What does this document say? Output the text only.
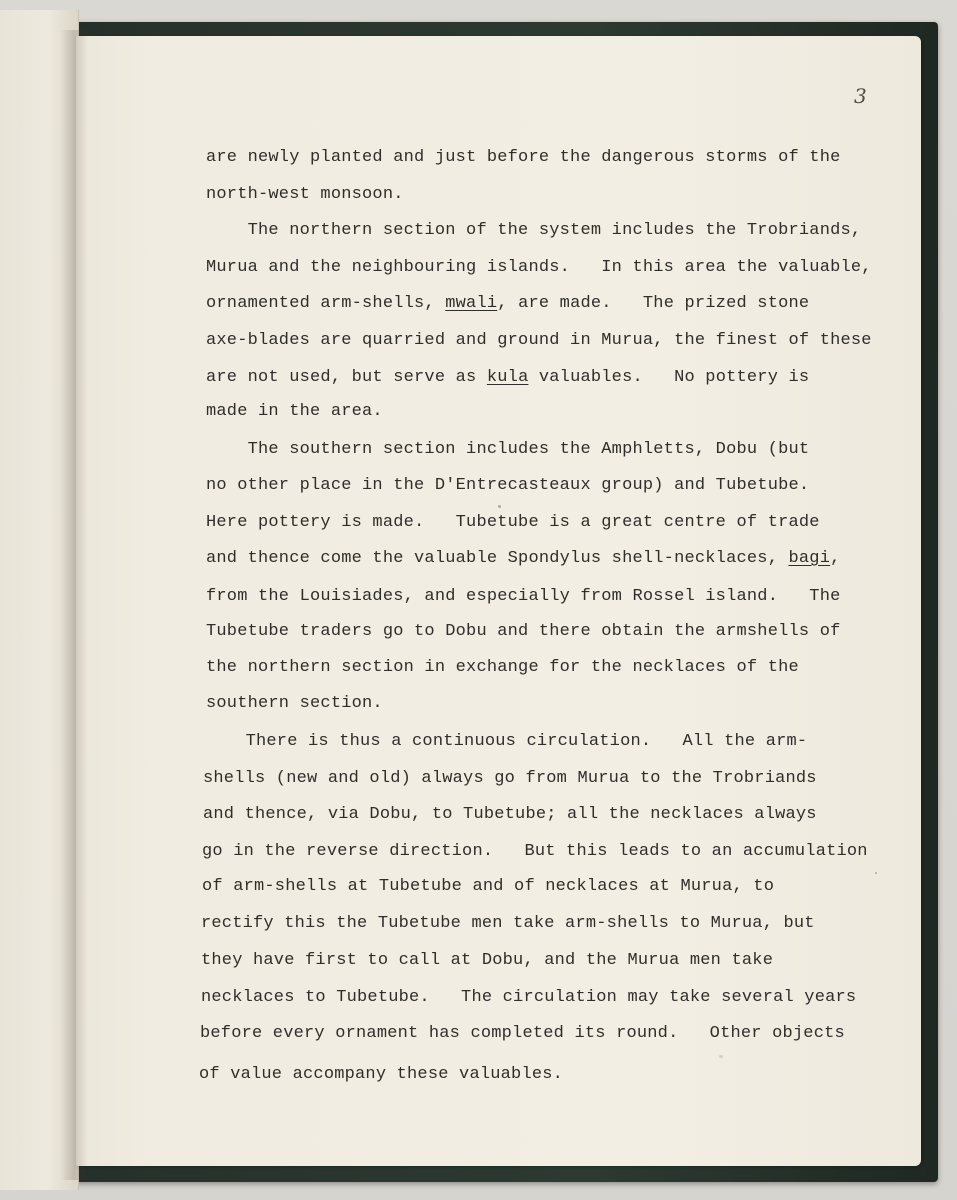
3
are newly planted and just before the dangerous storms of the
north-west monsoon.
The northern section of the system includes the Trobriands,
Murua and the neighbouring islands.   In this area the valuable,
ornamented arm-shells, mwali, are made.   The prized stone
axe-blades are quarried and ground in Murua, the finest of these
are not used, but serve as kula valuables.   No pottery is
made in the area.
The southern section includes the Amphletts, Dobu (but
no other place in the D'Entrecasteaux group) and Tubetube.
Here pottery is made.   Tubetube is a great centre of trade
and thence come the valuable Spondylus shell-necklaces, bagi,
from the Louisiades, and especially from Rossel island.   The
Tubetube traders go to Dobu and there obtain the armshells of
the northern section in exchange for the necklaces of the
southern section.
There is thus a continuous circulation.   All the arm-
shells (new and old) always go from Murua to the Trobriands
and thence, via Dobu, to Tubetube; all the necklaces always
go in the reverse direction.   But this leads to an accumulation
of arm-shells at Tubetube and of necklaces at Murua, to
rectify this the Tubetube men take arm-shells to Murua, but
they have first to call at Dobu, and the Murua men take
necklaces to Tubetube.   The circulation may take several years
before every ornament has completed its round.   Other objects
of value accompany these valuables.
